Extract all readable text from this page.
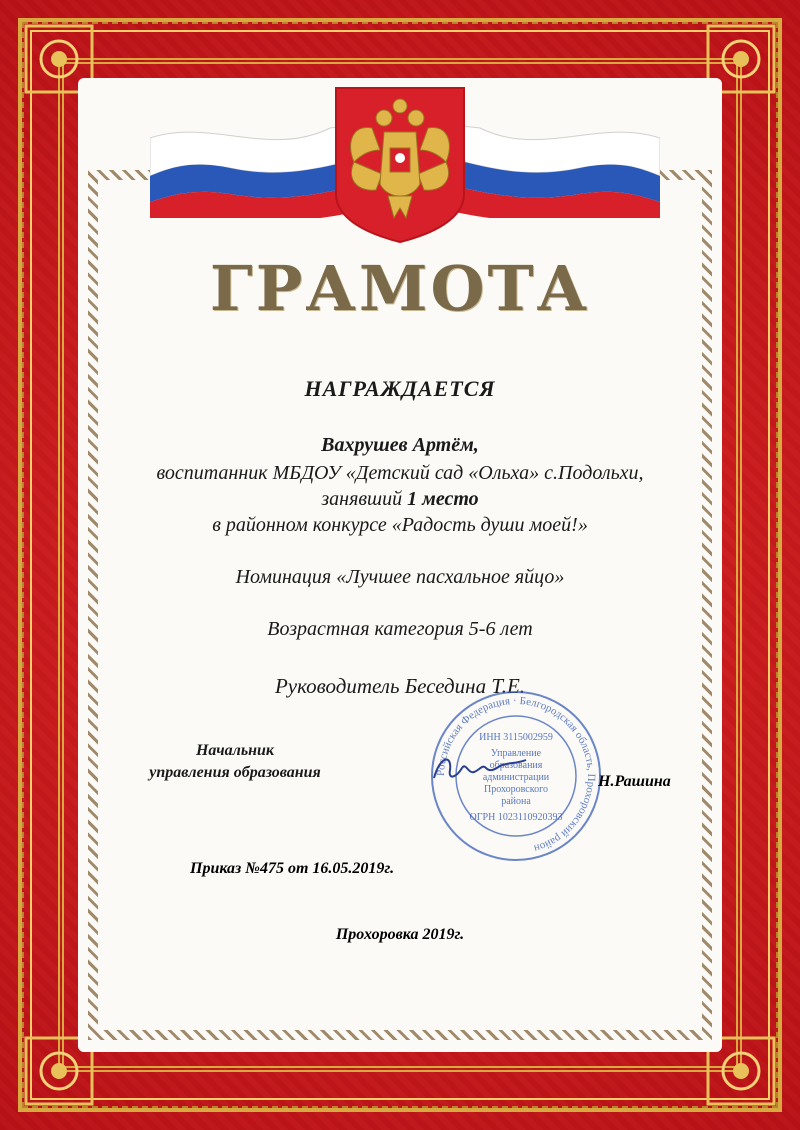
ГРАМОТА
НАГРАЖДАЕТСЯ
Вахрушев Артём,
воспитанник МБДОУ «Детский сад «Ольха» с.Подольхи,
занявший 1 место
в районном конкурсе «Радость души моей!»
Номинация «Лучшее пасхальное яйцо»
Возрастная категория 5-6 лет
Руководитель Беседина Т.Е.
Российская Федерация · Белгородская область, Прохоровский район
ИНН 3115002959
Управление
образования
администрации
Прохоровского
района
ОГРН 1023110920393
Начальник
управления образования
Н.Рашина
Приказ №475 от 16.05.2019г.
Прохоровка 2019г.
